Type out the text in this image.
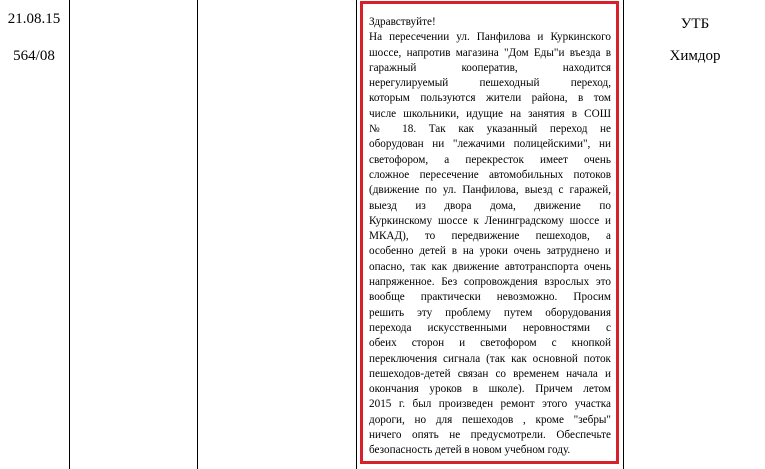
21.08.15
564/08
УТБ
Химдор
Здравствуйте!
На пересечении ул. Панфилова и Куркинского
шоссе, напротив магазина "Дом Еды"и въезда в
гаражный кооператив, находится
нерегулируемый пешеходный переход,
которым пользуются жители района, в том
числе школьники, идущие на занятия в СОШ
№ 18. Так как указанный переход не
оборудован ни "лежачими полицейскими", ни
светофором, а перекресток имеет очень
сложное пересечение автомобильных потоков
(движение по ул. Панфилова, выезд с гаражей,
выезд из двора дома, движение по
Куркинскому шоссе к Ленинградскому шоссе и
МКАД), то передвижение пешеходов, а
особенно детей в на уроки очень затруднено и
опасно, так как движение автотранспорта очень
напряженное. Без сопровождения взрослых это
вообще практически невозможно. Просим
решить эту проблему путем оборудования
перехода искусственными неровностями с
обеих сторон и светофором с кнопкой
переключения сигнала (так как основной поток
пешеходов-детей связан со временем начала и
окончания уроков в школе). Причем летом
2015 г. был произведен ремонт этого участка
дороги, но для пешеходов , кроме "зебры"
ничего опять не предусмотрели. Обеспечьте
безопасность детей в новом учебном году.
